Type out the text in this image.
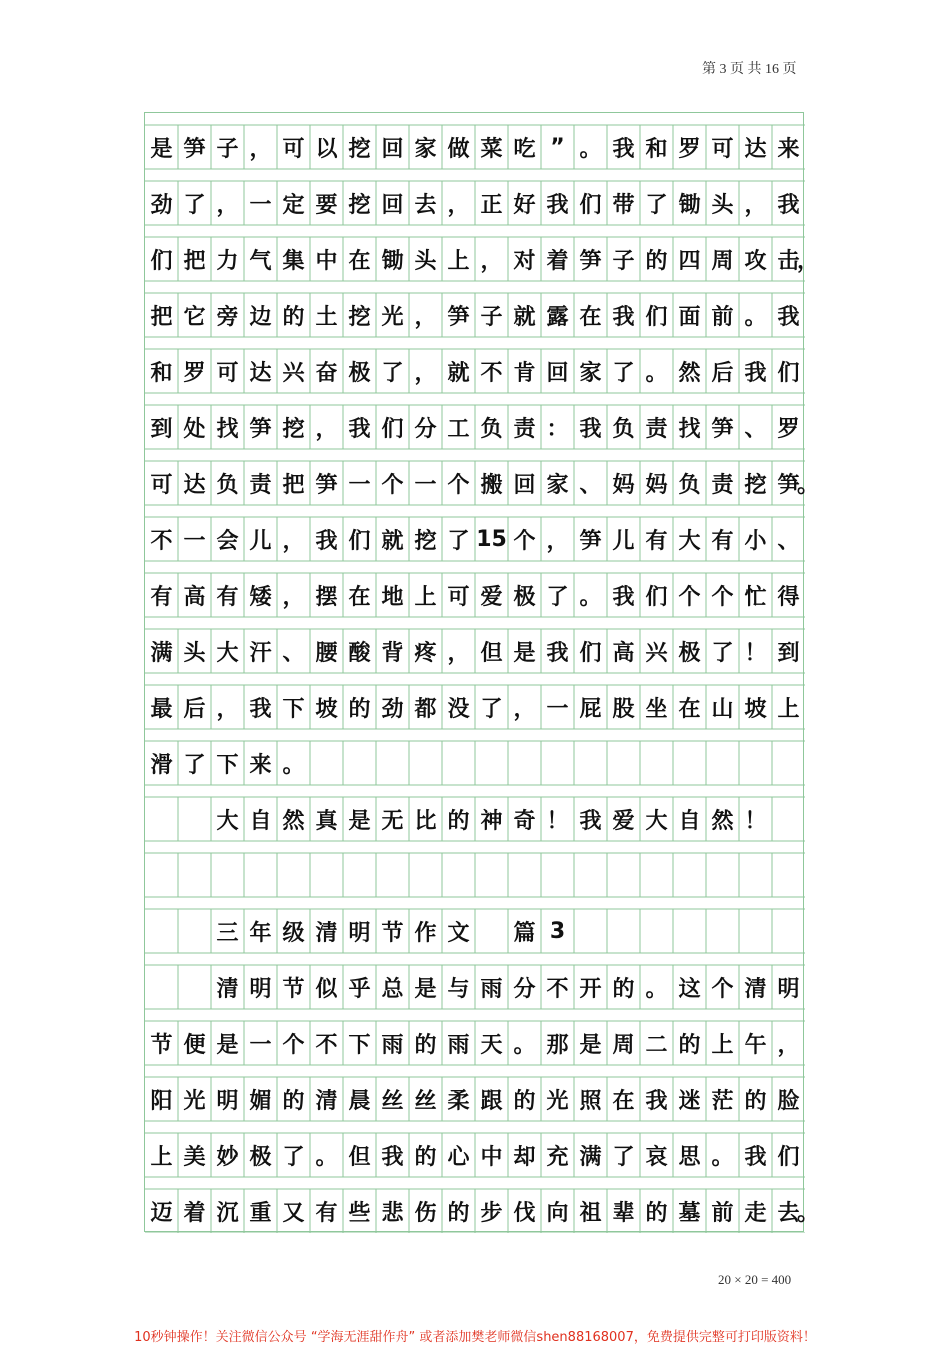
第 3 页 共 16 页
是 笋 子 ， 可 以 挖 回 家 做 菜 吃 ” 。 我 和 罗 可 达 来
劲 了 ， 一 定 要 挖 回 去 ， 正 好 我 们 带 了 锄 头 ， 我
们 把 力 气 集 中 在 锄 头 上 ， 对 着 笋 子 的 四 周 攻 击
，
把 它 旁 边 的 土 挖 光 ， 笋 子 就 露 在 我 们 面 前 。 我
和 罗 可 达 兴 奋 极 了 ， 就 不 肯 回 家 了 。 然 后 我 们
到 处 找 笋 挖 ， 我 们 分 工 负 责 ： 我 负 责 找 笋 、 罗
可 达 负 责 把 笋 一 个 一 个 搬 回 家 、 妈 妈 负 责 挖 笋
。
不 一 会 儿 ， 我 们 就 挖 了 15 个 ， 笋 儿 有 大 有 小 、
有 高 有 矮 ， 摆 在 地 上 可 爱 极 了 。 我 们 个 个 忙 得
满 头 大 汗 、 腰 酸 背 疼 ， 但 是 我 们 高 兴 极 了 ！ 到
最 后 ， 我 下 坡 的 劲 都 没 了 ， 一 屁 股 坐 在 山 坡 上
滑 了 下 来 。
大 自 然 真 是 无 比 的 神 奇 ！ 我 爱 大 自 然 ！
三 年 级 清 明 节 作 文 篇 3
清 明 节 似 乎 总 是 与 雨 分 不 开 的 。 这 个 清 明
节 便 是 一 个 不 下 雨 的 雨 天 。 那 是 周 二 的 上 午 ，
阳 光 明 媚 的 清 晨 丝 丝 柔 跟 的 光 照 在 我 迷 茫 的 脸
上 美 妙 极 了 。 但 我 的 心 中 却 充 满 了 哀 思 。 我 们
迈 着 沉 重 又 有 些 悲 伤 的 步 伐 向 祖 辈 的 墓 前 走 去
。
20 × 20 = 400
10秒钟操作！关注微信公众号 “学海无涯甜作舟” 或者添加樊老师微信shen88168007，免费提供完整可打印版资料！
